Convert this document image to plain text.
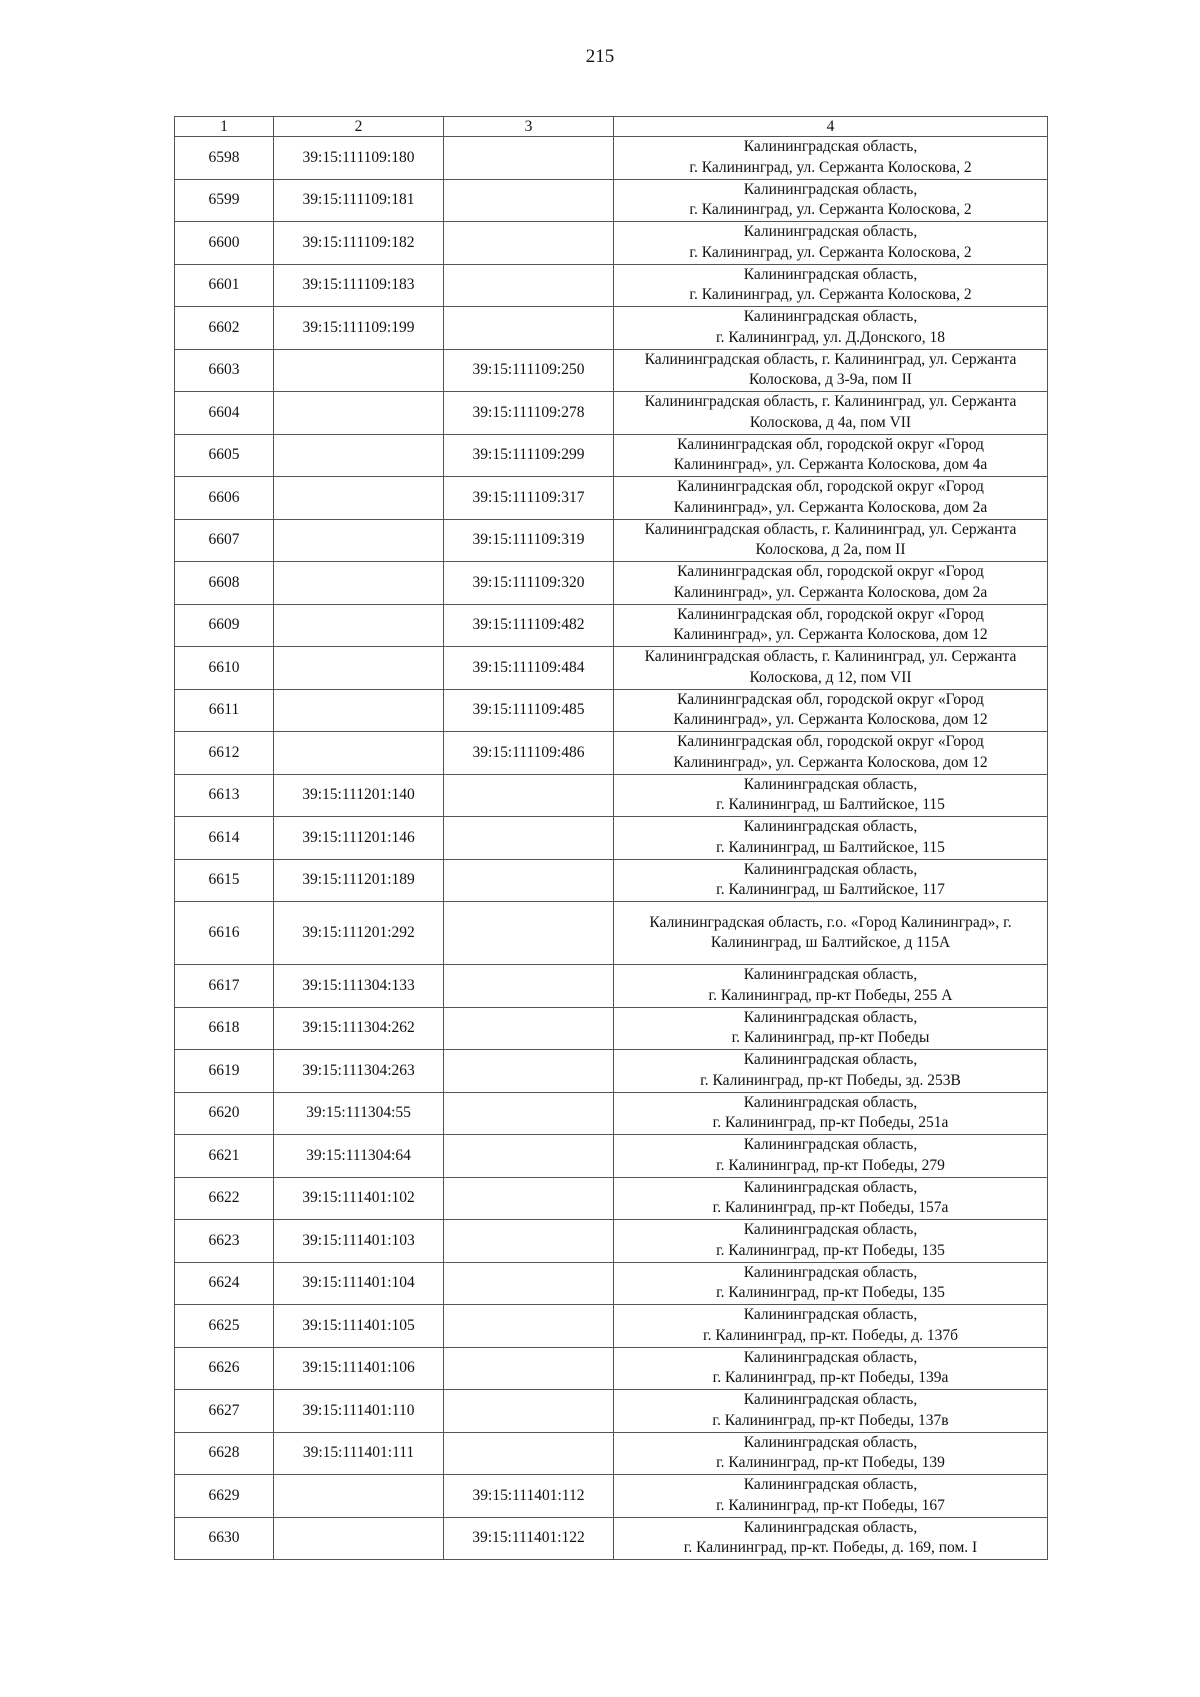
215
1	2	3	4
6598	39:15:111109:180		Калининградская область,
г. Калининград, ул. Сержанта Колоскова, 2

6599	39:15:111109:181		Калининградская область,
г. Калининград, ул. Сержанта Колоскова, 2

6600	39:15:111109:182		Калининградская область,
г. Калининград, ул. Сержанта Колоскова, 2

6601	39:15:111109:183		Калининградская область,
г. Калининград, ул. Сержанта Колоскова, 2

6602	39:15:111109:199		Калининградская область,
г. Калининград, ул. Д.Донского, 18

6603		39:15:111109:250	Калининградская область, г. Калининград, ул. Сержанта
Колоскова, д 3-9а, пом II

6604		39:15:111109:278	Калининградская область, г. Калининград, ул. Сержанта
Колоскова, д 4а, пом VII

6605		39:15:111109:299	Калининградская обл, городской округ «Город
Калининград», ул. Сержанта Колоскова, дом 4а

6606		39:15:111109:317	Калининградская обл, городской округ «Город
Калининград», ул. Сержанта Колоскова, дом 2а

6607		39:15:111109:319	Калининградская область, г. Калининград, ул. Сержанта
Колоскова, д 2а, пом II

6608		39:15:111109:320	Калининградская обл, городской округ «Город
Калининград», ул. Сержанта Колоскова, дом 2а

6609		39:15:111109:482	Калининградская обл, городской округ «Город
Калининград», ул. Сержанта Колоскова, дом 12

6610		39:15:111109:484	Калининградская область, г. Калининград, ул. Сержанта
Колоскова, д 12, пом VII

6611		39:15:111109:485	Калининградская обл, городской округ «Город
Калининград», ул. Сержанта Колоскова, дом 12

6612		39:15:111109:486	Калининградская обл, городской округ «Город
Калининград», ул. Сержанта Колоскова, дом 12

6613	39:15:111201:140		Калининградская область,
г. Калининград, ш Балтийское, 115

6614	39:15:111201:146		Калининградская область,
г. Калининград, ш Балтийское, 115

6615	39:15:111201:189		Калининградская область,
г. Калининград, ш Балтийское, 117

6616	39:15:111201:292		Калининградская область, г.о. «Город Калининград», г.
Калининград, ш Балтийское, д 115А

6617	39:15:111304:133		Калининградская область,
г. Калининград, пр-кт Победы, 255 А

6618	39:15:111304:262		Калининградская область,
г. Калининград, пр-кт Победы

6619	39:15:111304:263		Калининградская область,
г. Калининград, пр-кт Победы, зд. 253В

6620	39:15:111304:55		Калининградская область,
г. Калининград, пр-кт Победы, 251а

6621	39:15:111304:64		Калининградская область,
г. Калининград, пр-кт Победы, 279

6622	39:15:111401:102		Калининградская область,
г. Калининград, пр-кт Победы, 157а

6623	39:15:111401:103		Калининградская область,
г. Калининград, пр-кт Победы, 135

6624	39:15:111401:104		Калининградская область,
г. Калининград, пр-кт Победы, 135

6625	39:15:111401:105		Калининградская область,
г. Калининград, пр-кт. Победы, д. 137б

6626	39:15:111401:106		Калининградская область,
г. Калининград, пр-кт Победы, 139а

6627	39:15:111401:110		Калининградская область,
г. Калининград, пр-кт Победы, 137в

6628	39:15:111401:111		Калининградская область,
г. Калининград, пр-кт Победы, 139

6629		39:15:111401:112	Калининградская область,
г. Калининград, пр-кт Победы, 167

6630		39:15:111401:122	Калининградская область,
г. Калининград, пр-кт. Победы, д. 169, пом. I
